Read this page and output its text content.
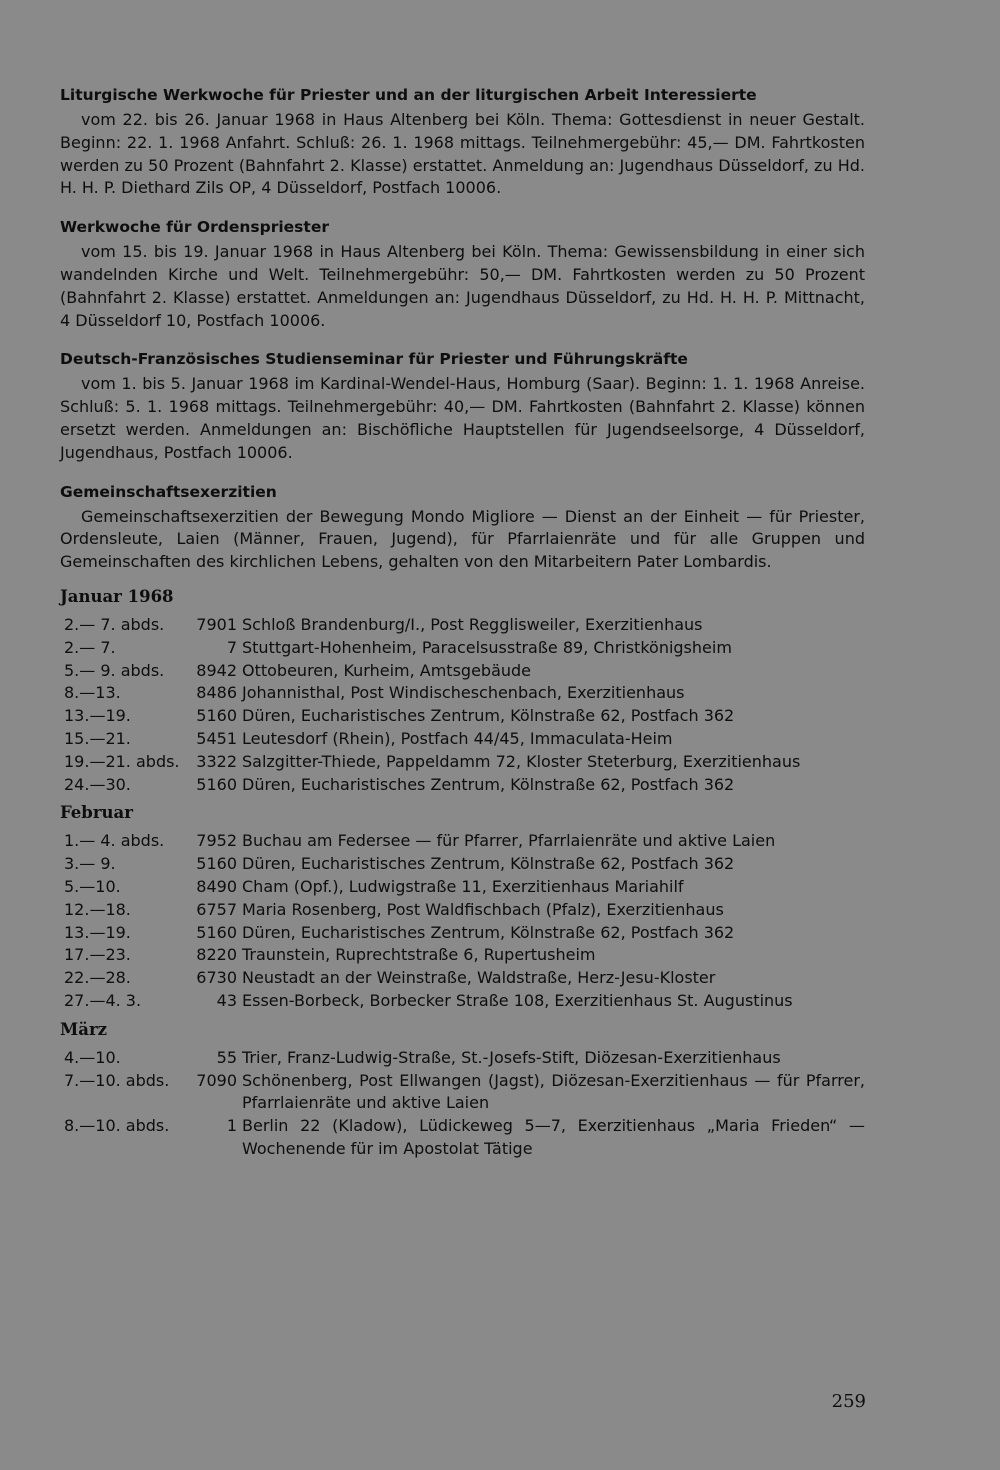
Liturgische Werkwoche für Priester und an der liturgischen Arbeit Interessierte

vom 22. bis 26. Januar 1968 in Haus Altenberg bei Köln. Thema: Gottesdienst in neuer Gestalt. Beginn: 22. 1. 1968 Anfahrt. Schluß: 26. 1. 1968 mittags. Teilnehmergebühr: 45,— DM. Fahrtkosten werden zu 50 Prozent (Bahnfahrt 2. Klasse) erstattet. Anmeldung an: Jugendhaus Düsseldorf, zu Hd. H. H. P. Diethard Zils OP, 4 Düsseldorf, Postfach 10006.

Werkwoche für Ordenspriester

vom 15. bis 19. Januar 1968 in Haus Altenberg bei Köln. Thema: Gewissensbildung in einer sich wandelnden Kirche und Welt. Teilnehmergebühr: 50,— DM. Fahrtkosten werden zu 50 Prozent (Bahnfahrt 2. Klasse) erstattet. Anmeldungen an: Jugendhaus Düsseldorf, zu Hd. H. H. P. Mittnacht, 4 Düsseldorf 10, Postfach 10006.

Deutsch-Französisches Studienseminar für Priester und Führungskräfte

vom 1. bis 5. Januar 1968 im Kardinal-Wendel-Haus, Homburg (Saar). Beginn: 1. 1. 1968 Anreise. Schluß: 5. 1. 1968 mittags. Teilnehmergebühr: 40,— DM. Fahrtkosten (Bahnfahrt 2. Klasse) können ersetzt werden. Anmeldungen an: Bischöfliche Hauptstellen für Jugendseelsorge, 4 Düsseldorf, Jugendhaus, Postfach 10006.

Gemeinschaftsexerzitien

Gemeinschaftsexerzitien der Bewegung Mondo Migliore — Dienst an der Einheit — für Priester, Ordensleute, Laien (Männer, Frauen, Jugend), für Pfarrlaienräte und für alle Gruppen und Gemeinschaften des kirchlichen Lebens, gehalten von den Mitarbeitern Pater Lombardis.

Januar 1968
2.— 7. abds.	7901 Schloß Brandenburg/I., Post Regglisweiler, Exerzitienhaus
2.— 7.	7 Stuttgart-Hohenheim, Paracelsusstraße 89, Christkönigsheim
5.— 9. abds.	8942 Ottobeuren, Kurheim, Amtsgebäude
8.—13.	8486 Johannisthal, Post Windischeschenbach, Exerzitienhaus
13.—19.	5160 Düren, Eucharistisches Zentrum, Kölnstraße 62, Postfach 362
15.—21.	5451 Leutesdorf (Rhein), Postfach 44/45, Immaculata-Heim
19.—21. abds.	3322 Salzgitter-Thiede, Pappeldamm 72, Kloster Steterburg, Exerzitienhaus
24.—30.	5160 Düren, Eucharistisches Zentrum, Kölnstraße 62, Postfach 362
Februar
1.— 4. abds.	7952 Buchau am Federsee — für Pfarrer, Pfarrlaienräte und aktive Laien
3.— 9.	5160 Düren, Eucharistisches Zentrum, Kölnstraße 62, Postfach 362
5.—10.	8490 Cham (Opf.), Ludwigstraße 11, Exerzitienhaus Mariahilf
12.—18.	6757 Maria Rosenberg, Post Waldfischbach (Pfalz), Exerzitienhaus
13.—19.	5160 Düren, Eucharistisches Zentrum, Kölnstraße 62, Postfach 362
17.—23.	8220 Traunstein, Ruprechtstraße 6, Rupertusheim
22.—28.	6730 Neustadt an der Weinstraße, Waldstraße, Herz-Jesu-Kloster
27.—4. 3.	43 Essen-Borbeck, Borbecker Straße 108, Exerzitienhaus St. Augustinus
März
4.—10.	55 Trier, Franz-Ludwig-Straße, St.-Josefs-Stift, Diözesan-Exerzitienhaus
7.—10. abds.	7090 Schönenberg, Post Ellwangen (Jagst), Diözesan-Exerzitienhaus — für Pfarrer, Pfarrlaienräte und aktive Laien
8.—10. abds.	1 Berlin 22 (Kladow), Lüdickeweg 5—7, Exerzitienhaus „Maria Frieden“ — Wochenende für im Apostolat Tätige
259
